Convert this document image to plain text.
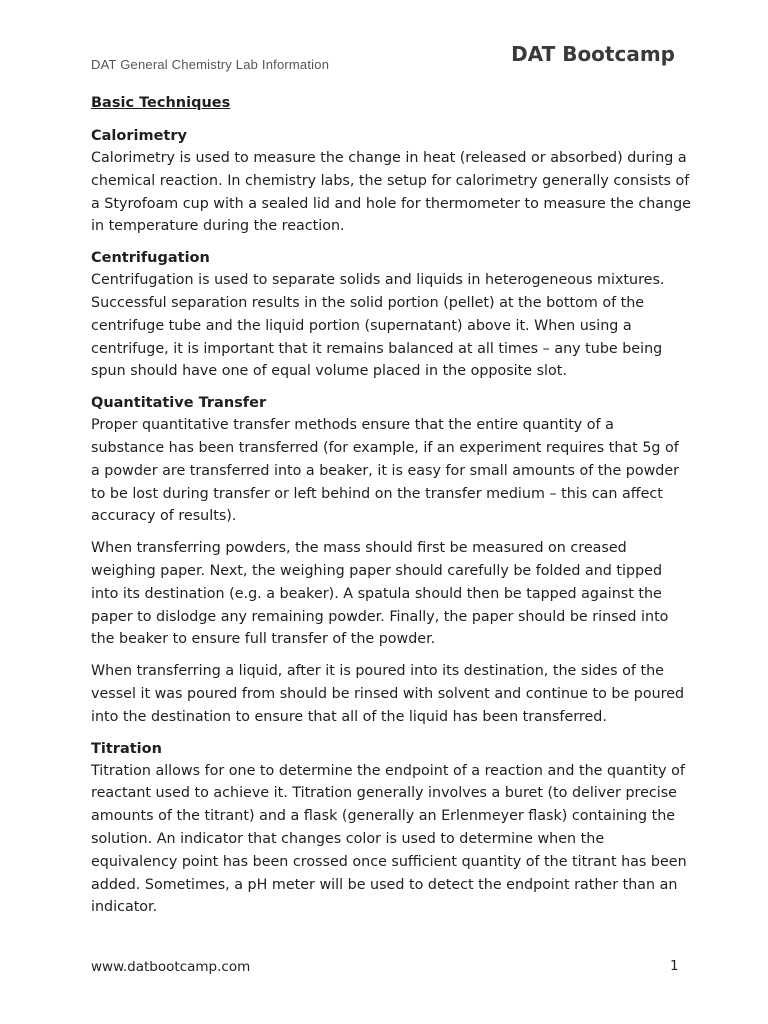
DAT General Chemistry Lab Information	DAT Bootcamp

Basic Techniques

Calorimetry

Calorimetry is used to measure the change in heat (released or absorbed) during a chemical reaction. In chemistry labs, the setup for calorimetry generally consists of a Styrofoam cup with a sealed lid and hole for thermometer to measure the change in temperature during the reaction.

Centrifugation

Centrifugation is used to separate solids and liquids in heterogeneous mixtures. Successful separation results in the solid portion (pellet) at the bottom of the centrifuge tube and the liquid portion (supernatant) above it. When using a centrifuge, it is important that it remains balanced at all times – any tube being spun should have one of equal volume placed in the opposite slot.

Quantitative Transfer

Proper quantitative transfer methods ensure that the entire quantity of a substance has been transferred (for example, if an experiment requires that 5g of a powder are transferred into a beaker, it is easy for small amounts of the powder to be lost during transfer or left behind on the transfer medium – this can affect accuracy of results).

When transferring powders, the mass should first be measured on creased weighing paper. Next, the weighing paper should carefully be folded and tipped into its destination (e.g. a beaker). A spatula should then be tapped against the paper to dislodge any remaining powder. Finally, the paper should be rinsed into the beaker to ensure full transfer of the powder.

When transferring a liquid, after it is poured into its destination, the sides of the vessel it was poured from should be rinsed with solvent and continue to be poured into the destination to ensure that all of the liquid has been transferred.

Titration

Titration allows for one to determine the endpoint of a reaction and the quantity of reactant used to achieve it. Titration generally involves a buret (to deliver precise amounts of the titrant) and a flask (generally an Erlenmeyer flask) containing the solution. An indicator that changes color is used to determine when the equivalency point has been crossed once sufficient quantity of the titrant has been added. Sometimes, a pH meter will be used to detect the endpoint rather than an indicator.

www.datbootcamp.com	1
